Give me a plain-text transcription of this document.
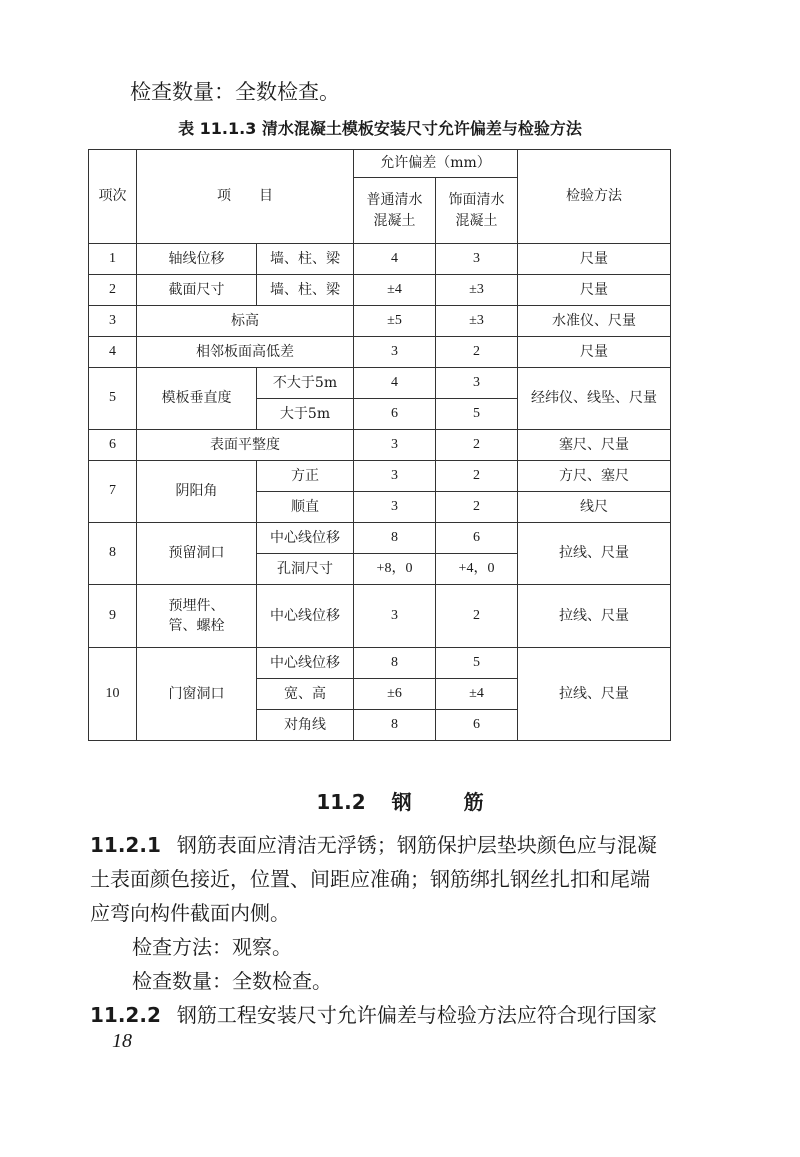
检查数量：全数检查。
表 11.1.3 清水混凝土模板安装尺寸允许偏差与检验方法
项次	项　　目		允许偏差（mm）		检验方法
			普通清水混凝土	饰面清水混凝土	
1	轴线位移	墙、柱、梁	4	3	尺量
2	截面尺寸	墙、柱、梁	±4	±3	尺量
3	标高		±5	±3	水准仪、尺量
4	相邻板面高低差		3	2	尺量
5	模板垂直度	不大于5m	4	3	经纬仪、线坠、尺量
		大于5m	6	5	
6	表面平整度		3	2	塞尺、尺量
7	阴阳角	方正	3	2	方尺、塞尺
		顺直	3	2	线尺
8	预留洞口	中心线位移	8	6	拉线、尺量
		孔洞尺寸	+8，0	+4，0	
9	预埋件、
管、螺栓	中心线位移	3	2	拉线、尺量
10	门窗洞口	中心线位移	8	5	拉线、尺量
		宽、高	±6	±4	
		对角线	8	6	
11.2 钢	筋
11.2.1 钢筋表面应清洁无浮锈；钢筋保护层垫块颜色应与混凝
土表面颜色接近，位置、间距应准确；钢筋绑扎钢丝扎扣和尾端
应弯向构件截面内侧。
检查方法：观察。
检查数量：全数检查。
11.2.2 钢筋工程安装尺寸允许偏差与检验方法应符合现行国家
18
